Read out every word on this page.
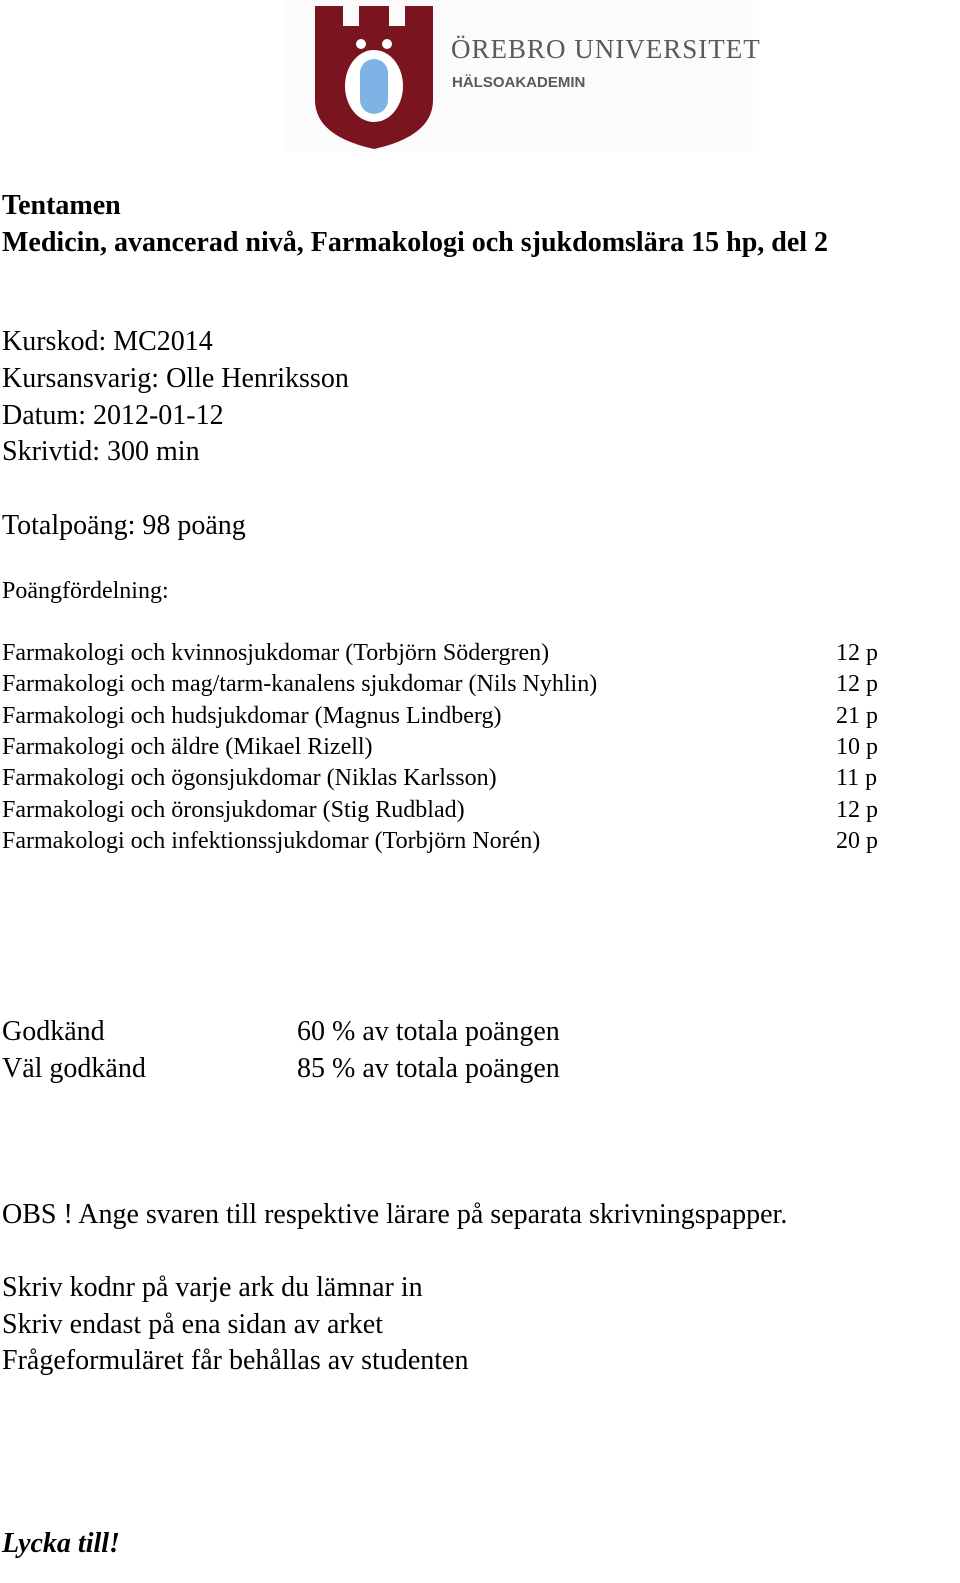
ÖREBRO UNIVERSITET
HÄLSOAKADEMIN
Tentamen
Medicin, avancerad nivå, Farmakologi och sjukdomslära 15 hp, del 2
Kurskod: MC2014
Kursansvarig: Olle Henriksson
Datum: 2012-01-12
Skrivtid: 300 min
Totalpoäng: 98 poäng
Poängfördelning:
Farmakologi och kvinnosjukdomar (Torbjörn Södergren)	12 p
Farmakologi och mag/tarm-kanalens sjukdomar (Nils Nyhlin)	12 p
Farmakologi och hudsjukdomar (Magnus Lindberg)	21 p
Farmakologi och äldre (Mikael Rizell)	10 p
Farmakologi och ögonsjukdomar (Niklas Karlsson)	11 p
Farmakologi och öronsjukdomar (Stig Rudblad)	12 p
Farmakologi och infektionssjukdomar (Torbjörn Norén)	20 p
Godkänd	60 % av totala poängen
Väl godkänd	85 % av totala poängen
OBS ! Ange svaren till respektive lärare på separata skrivningspapper.
Skriv kodnr på varje ark du lämnar in
Skriv endast på ena sidan av arket
Frågeformuläret får behållas av studenten
Lycka till!
